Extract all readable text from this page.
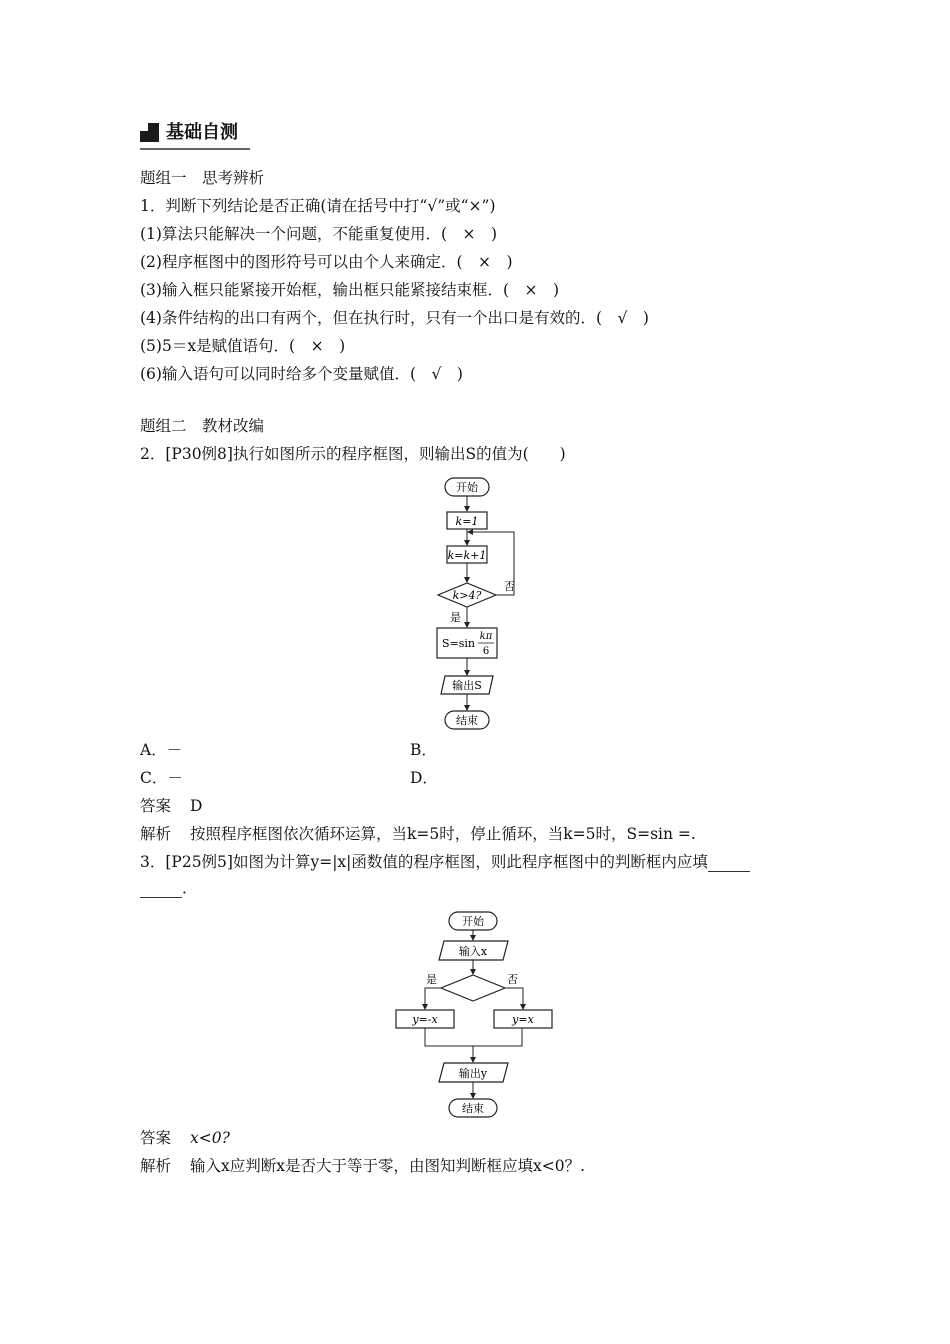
基础自测
题组一　思考辨析
1．判断下列结论是否正确(请在括号中打“√”或“×”)
(1)算法只能解决一个问题，不能重复使用．(　×　)
(2)程序框图中的图形符号可以由个人来确定．(　×　)
(3)输入框只能紧接开始框，输出框只能紧接结束框．(　×　)
(4)条件结构的出口有两个，但在执行时，只有一个出口是有效的．(　√　)
(5)5＝x是赋值语句．(　×　)
(6)输入语句可以同时给多个变量赋值．(　√　)
题组二　教材改编
2．[P30例8]执行如图所示的程序框图，则输出S的值为(　　)
开始
k=1
k=k+1
k>4?
否
是
S=sin
kπ
6
输出S
结束
A．－	B．
C．－	D．
答案 D
解析 按照程序框图依次循环运算，当k=5时，停止循环，当k=5时，S=sin =.
3．[P25例5]如图为计算y=|x|函数值的程序框图，则此程序框图中的判断框内应填
．
开始
输入x
是	否
y=-x	y=x
输出y
结束
答案 x<0?
解析 输入x应判断x是否大于等于零，由图知判断框应填x<0？.
